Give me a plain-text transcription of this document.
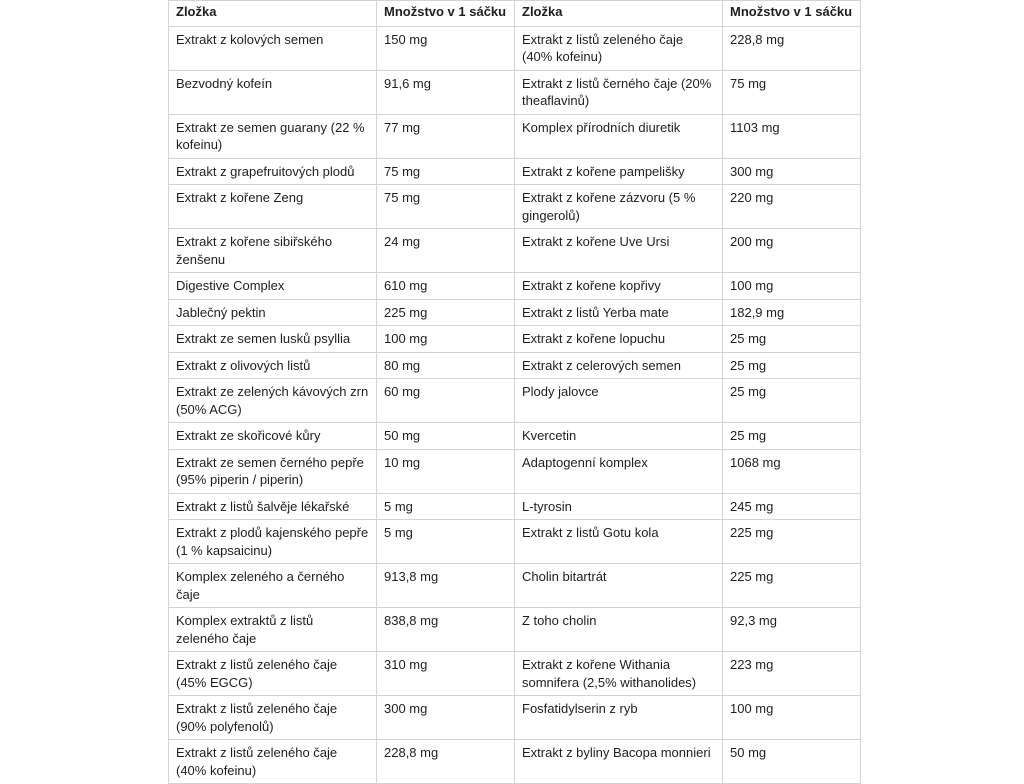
Zložka	Množstvo v 1 sáčku	Zložka	Množstvo v 1 sáčku
Extrakt z kolových semen	150 mg	Extrakt z listů zeleného čaje (40% kofeinu)	228,8 mg
Bezvodný kofeín	91,6 mg	Extrakt z listů černého čaje (20% theaflavinů)	75 mg
Extrakt ze semen guarany (22 % kofeinu)	77 mg	Komplex přírodních diuretik	1103 mg
Extrakt z grapefruitových plodů	75 mg	Extrakt z kořene pampelišky	300 mg
Extrakt z kořene Zeng	75 mg	Extrakt z kořene zázvoru (5 % gingerolů)	220 mg
Extrakt z kořene sibiřského ženšenu	24 mg	Extrakt z kořene Uve Ursi	200 mg
Digestive Complex	610 mg	Extrakt z kořene kopřivy	100 mg
Jablečný pektin	225 mg	Extrakt z listů Yerba mate	182,9 mg
Extrakt ze semen lusků psyllia	100 mg	Extrakt z kořene lopuchu	25 mg
Extrakt z olivových listů	80 mg	Extrakt z celerových semen	25 mg
Extrakt ze zelených kávových zrn (50% ACG)	60 mg	Plody jalovce	25 mg
Extrakt ze skořicové kůry	50 mg	Kvercetin	25 mg
Extrakt ze semen černého pepře (95% piperin / piperin)	10 mg	Adaptogenní komplex	1068 mg
Extrakt z listů šalvěje lékařské	5 mg	L-tyrosin	245 mg
Extrakt z plodů kajenského pepře (1 % kapsaicinu)	5 mg	Extrakt z listů Gotu kola	225 mg
Komplex zeleného a černého čaje	913,8 mg	Cholin bitartrát	225 mg
Komplex extraktů z listů zeleného čaje	838,8 mg	Z toho cholin	92,3 mg
Extrakt z listů zeleného čaje (45% EGCG)	310 mg	Extrakt z kořene Withania somnifera (2,5% withanolides)	223 mg
Extrakt z listů zeleného čaje (90% polyfenolů)	300 mg	Fosfatidylserin z ryb	100 mg
Extrakt z listů zeleného čaje (40% kofeinu)	228,8 mg	Extrakt z byliny Bacopa monnieri	50 mg
